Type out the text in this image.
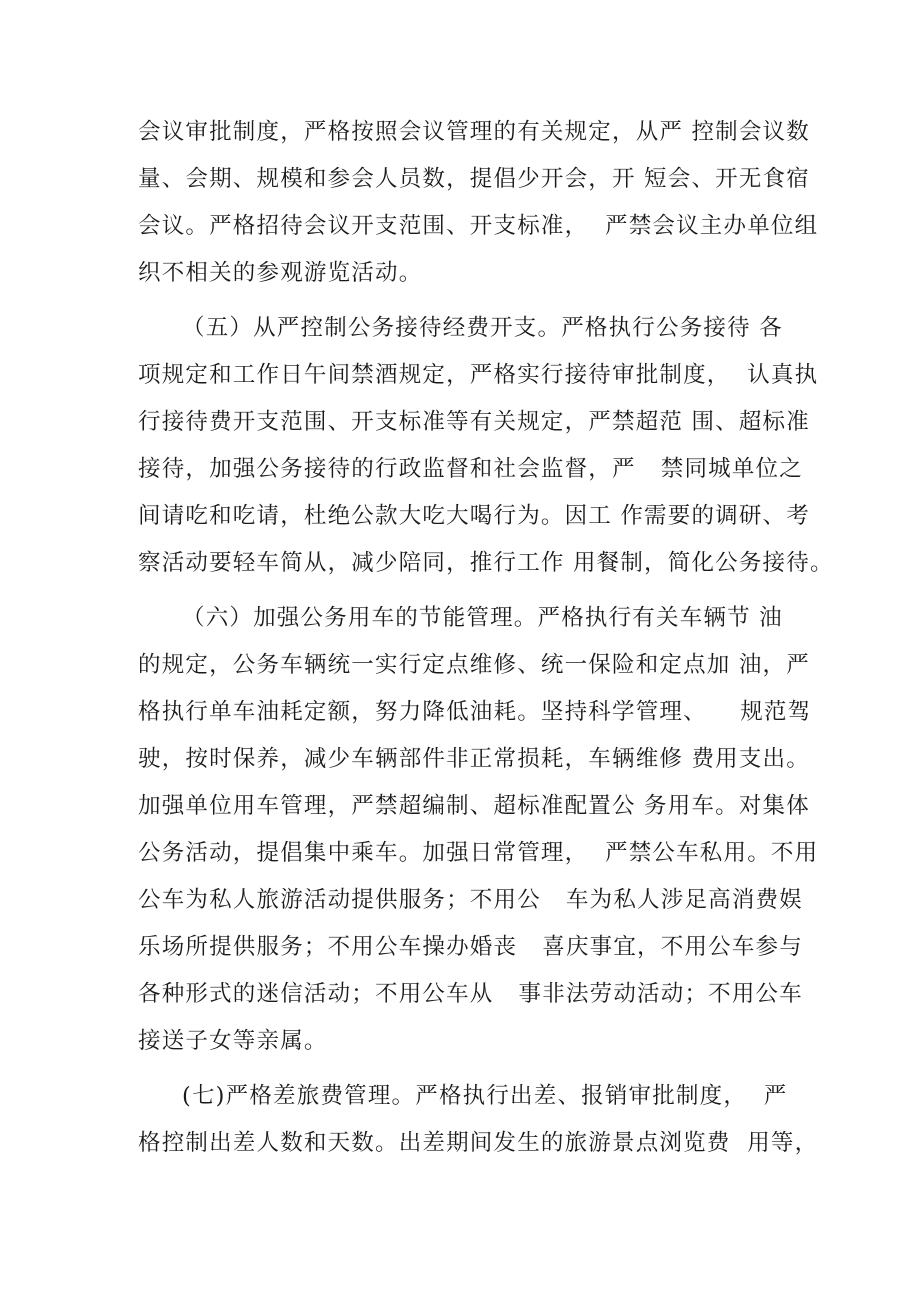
会议审批制度，严格按照会议管理的有关规定，从严 控制会议数
量、会期、规模和参会人员数，提倡少开会，开 短会、开无食宿
会议。严格招待会议开支范围、开支标准，  严禁会议主办单位组
织不相关的参观游览活动。
（五）从严控制公务接待经费开支。严格执行公务接待 各
项规定和工作日午间禁酒规定，严格实行接待审批制度，  认真执
行接待费开支范围、开支标准等有关规定，严禁超范 围、超标准
接待，加强公务接待的行政监督和社会监督，严   禁同城单位之
间请吃和吃请，杜绝公款大吃大喝行为。因工 作需要的调研、考
察活动要轻车简从，减少陪同，推行工作 用餐制，简化公务接待。
（六）加强公务用车的节能管理。严格执行有关车辆节 油
的规定，公务车辆统一实行定点维修、统一保险和定点加 油，严
格执行单车油耗定额，努力降低油耗。坚持科学管理、    规范驾
驶，按时保养，减少车辆部件非正常损耗，车辆维修 费用支出。
加强单位用车管理，严禁超编制、超标准配置公 务用车。对集体
公务活动，提倡集中乘车。加强日常管理，  严禁公车私用。不用
公车为私人旅游活动提供服务；不用公   车为私人涉足高消费娱
乐场所提供服务；不用公车操办婚丧   喜庆事宜，不用公车参与
各种形式的迷信活动；不用公车从   事非法劳动活动；不用公车
接送子女等亲属。
(七)严格差旅费管理。严格执行出差、报销审批制度，  严
格控制出差人数和天数。出差期间发生的旅游景点浏览费  用等，
